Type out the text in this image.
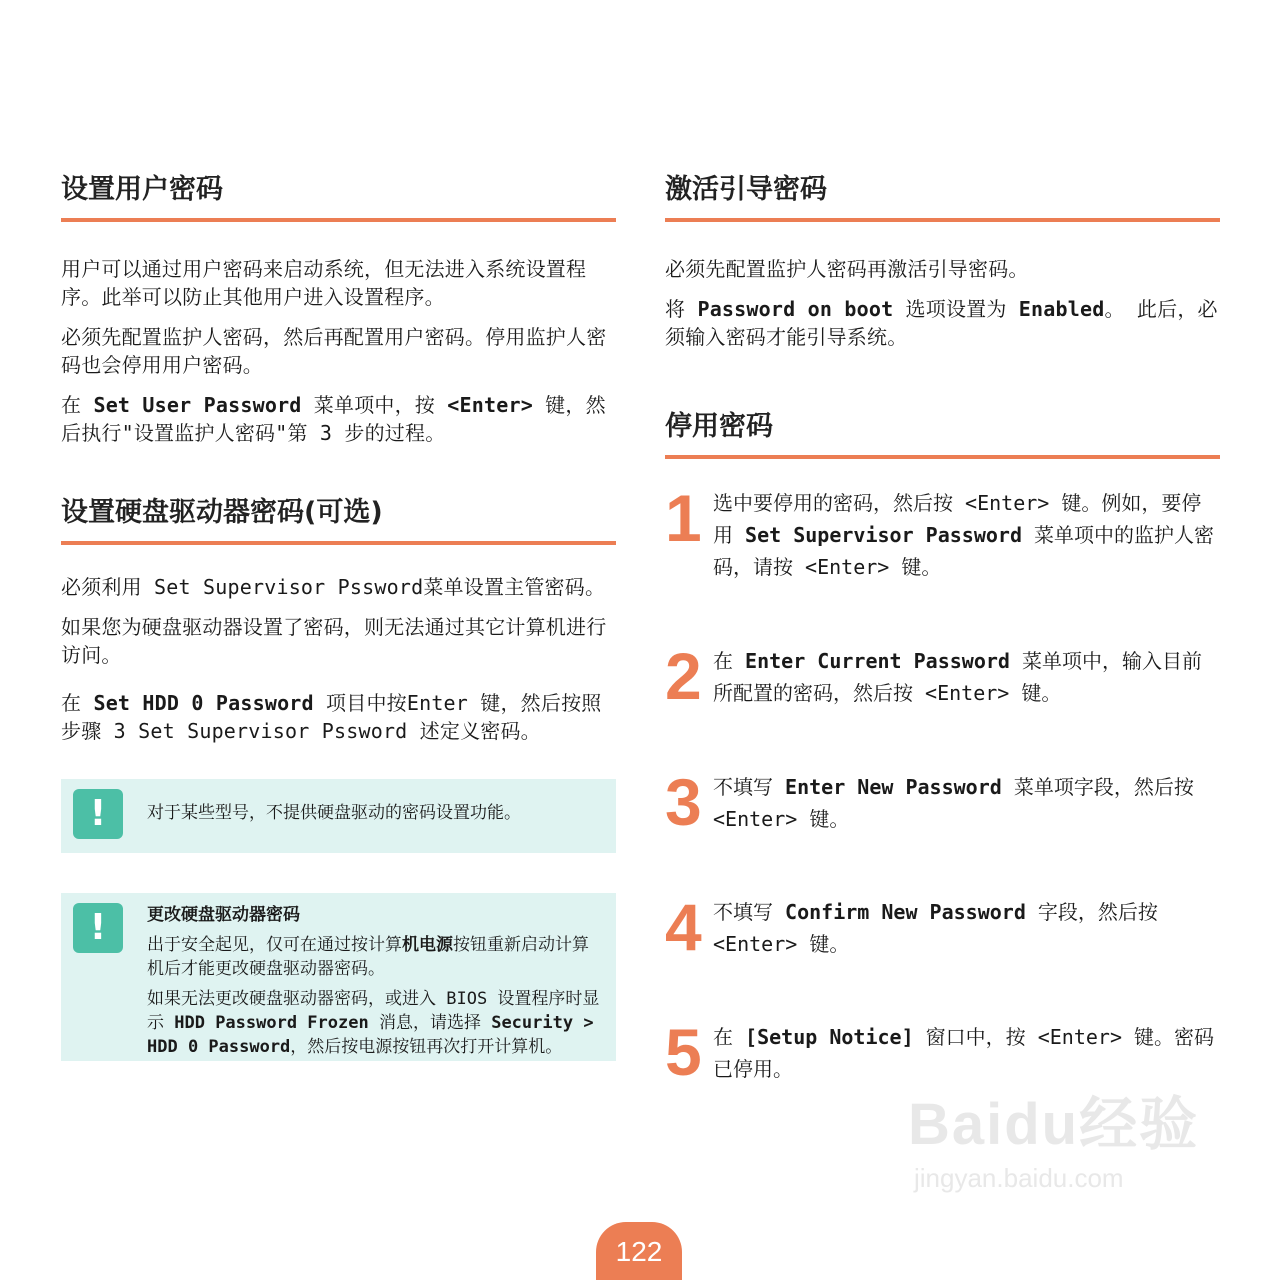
设置用户密码

用户可以通过用户密码来启动系统，但无法进入系统设置程序。此举可以防止其他用户进入设置程序。

必须先配置监护人密码，然后再配置用户密码。停用监护人密码也会停用用户密码。

在 Set User Password 菜单项中，按 <Enter> 键，然后执行"设置监护人密码"第 3 步的过程。

设置硬盘驱动器密码(可选)

必须利用 Set Supervisor Pssword菜单设置主管密码。

如果您为硬盘驱动器设置了密码，则无法通过其它计算机进行访问。

在 Set HDD 0 Password 项目中按Enter 键，然后按照步骤 3 Set Supervisor Pssword 述定义密码。

!	对于某些型号，不提供硬盘驱动的密码设置功能。

!	更改硬盘驱动器密码

出于安全起见，仅可在通过按计算机电源按钮重新启动计算机后才能更改硬盘驱动器密码。

如果无法更改硬盘驱动器密码，或进入 BIOS 设置程序时显示 HDD Password Frozen 消息，请选择 Security > HDD 0 Password，然后按电源按钮再次打开计算机。

激活引导密码

必须先配置监护人密码再激活引导密码。

将 Password on boot 选项设置为 Enabled。 此后，必须输入密码才能引导系统。

停用密码
1 选中要停用的密码，然后按 <Enter> 键。例如，要停用 Set Supervisor Password 菜单项中的监护人密码，请按 <Enter> 键。
2 在 Enter Current Password 菜单项中，输入目前所配置的密码，然后按 <Enter> 键。
3 不填写 Enter New Password 菜单项字段，然后按 <Enter> 键。
4 不填写 Confirm New Password 字段，然后按 <Enter> 键。
5 在 [Setup Notice] 窗口中，按 <Enter> 键。密码已停用。
Baidu经验
jingyan.baidu.com
122
